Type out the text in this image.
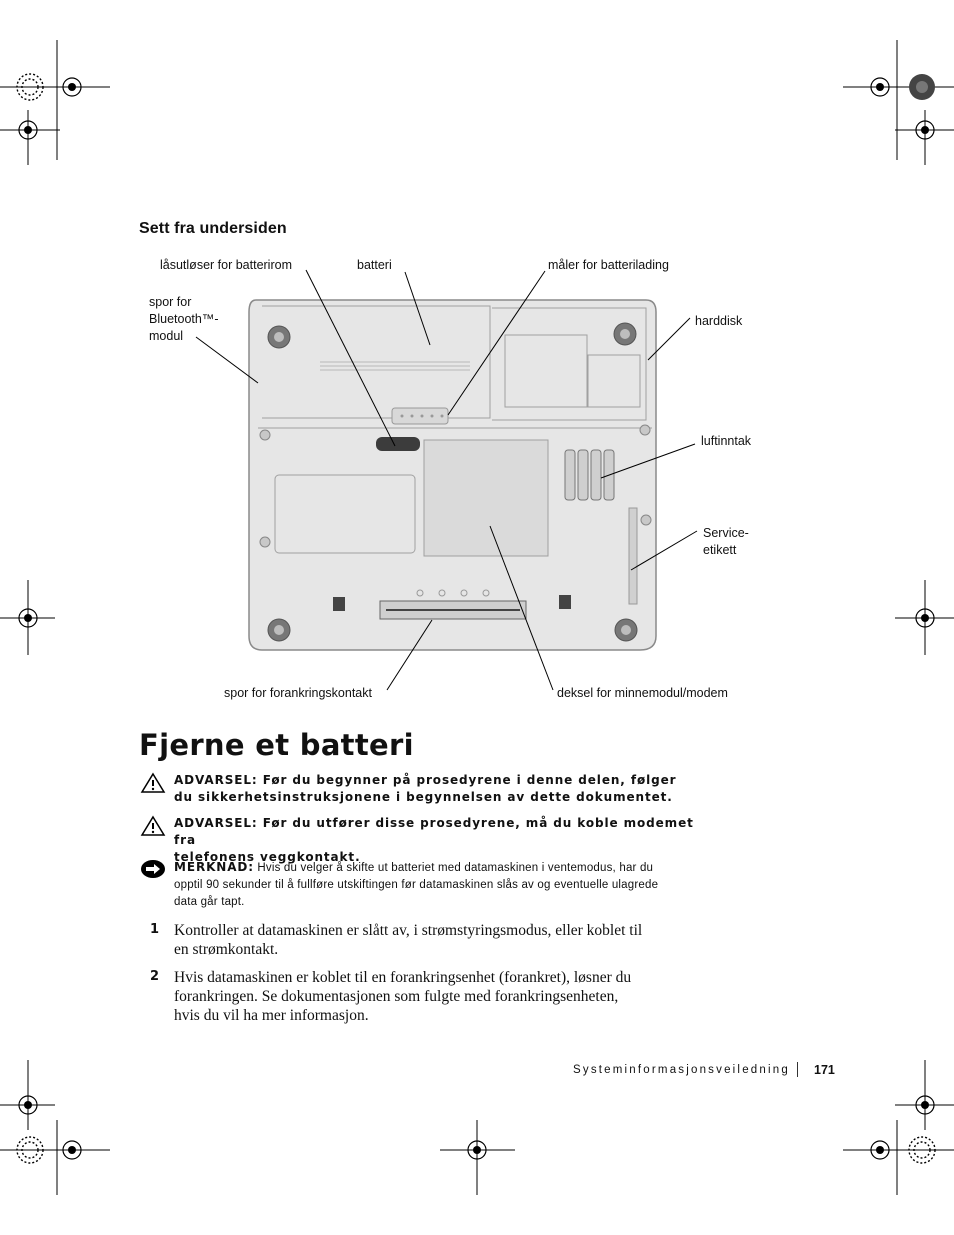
Sett fra undersiden
låsutløser for batterirom	batteri	måler for batterilading
spor for
Bluetooth™-
modul
harddisk
luftinntak
Service-
etikett
spor for forankringskontakt	deksel for minnemodul/modem
Fjerne et batteri
ADVARSEL: Før du begynner på prosedyrene i denne delen, følger
du sikkerhetsinstruksjonene i begynnelsen av dette dokumentet.
ADVARSEL: Før du utfører disse prosedyrene, må du koble modemet fra
telefonens veggkontakt.
MERKNAD: Hvis du velger å skifte ut batteriet med datamaskinen i ventemodus, har du
opptil 90 sekunder til å fullføre utskiftingen før datamaskinen slås av og eventuelle ulagrede
data går tapt.
1 Kontroller at datamaskinen er slått av, i strømstyringsmodus, eller koblet til
en strømkontakt.
2 Hvis datamaskinen er koblet til en forankringsenhet (forankret), løsner du
forankringen. Se dokumentasjonen som fulgte med forankringsenheten,
hvis du vil ha mer informasjon.
Systeminformasjonsveiledning 171
